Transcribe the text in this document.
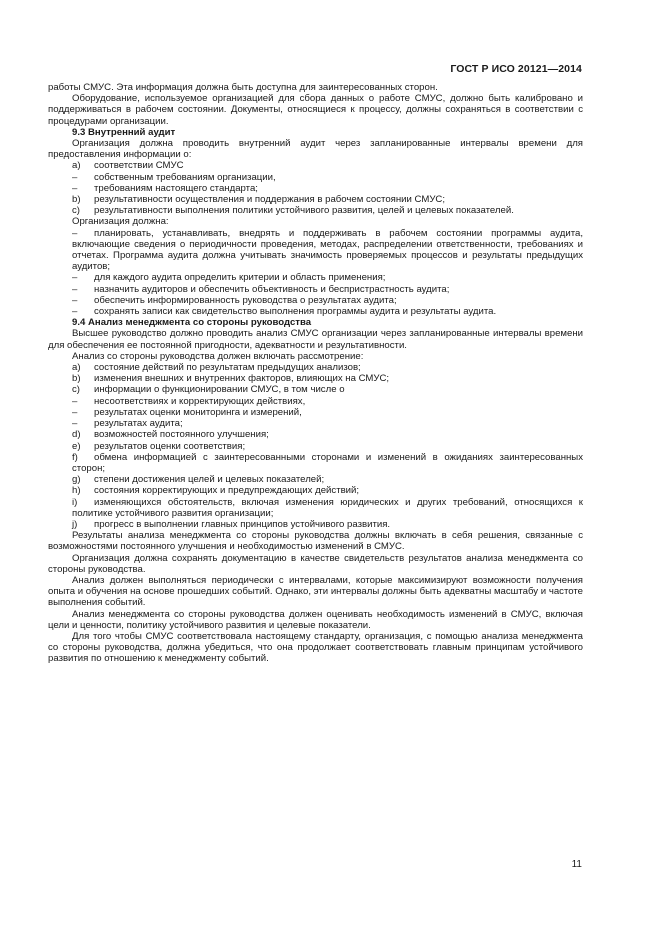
ГОСТ Р ИСО 20121—2014

работы СМУС. Эта информация должна быть доступна для заинтересованных сторон.

Оборудование, используемое организацией для сбора данных о работе СМУС, должно быть калибровано и поддерживаться в рабочем состоянии. Документы, относящиеся к процессу, должны сохраняться в соответствии с процедурами организации.

9.3 Внутренний аудит

Организация должна проводить внутренний аудит через запланированные интервалы времени для предоставления информации о:

a)	соответствии СМУС
–	собственным требованиям организации,
–	требованиям настоящего стандарта;
b)	результативности осуществления и поддержания в рабочем состоянии СМУС;
c) результативности выполнения политики устойчивого развития, целей и целевых показателей.

Организация должна:

– планировать, устанавливать, внедрять и поддерживать в рабочем состоянии программы аудита, включающие сведения о периодичности проведения, методах, распределении ответственности, требованиях и отчетах. Программа аудита должна учитывать значимость проверяемых процессов и результаты предыдущих аудитов;
–	для каждого аудита определить критерии и область применения;
–	назначить аудиторов и обеспечить объективность и беспристрастность аудита;
–	обеспечить информированность руководства о результатах аудита;
–	сохранять записи как свидетельство выполнения программы аудита и результаты аудита.
9.4 Анализ менеджмента со стороны руководства

Высшее руководство должно проводить анализ СМУС организации через запланированные интервалы времени для обеспечения ее постоянной пригодности, адекватности и результативности.

Анализ со стороны руководства должен включать рассмотрение:

a)	состояние действий по результатам предыдущих анализов;
b)	изменения внешних и внутренних факторов, влияющих на СМУС;
c)	информации о функционировании СМУС, в том числе о
–	несоответствиях и корректирующих действиях,
–	результатах оценки мониторинга и измерений,
–	результатах аудита;
d)	возможностей постоянного улучшения;
e)	результатов оценки соответствия;
f) обмена информацией с заинтересованными сторонами и изменений в ожиданиях заинтересованных сторон;
g)	степени достижения целей и целевых показателей;
h)	состояния корректирующих и предупреждающих действий;
i) изменяющихся обстоятельств, включая изменения юридических и других требований, относящихся к политике устойчивого развития организации;
j)	прогресс в выполнении главных принципов устойчивого развития.

Результаты анализа менеджмента со стороны руководства должны включать в себя решения, связанные с возможностями постоянного улучшения и необходимостью изменений в СМУС.

Организация должна сохранять документацию в качестве свидетельств результатов анализа менеджмента со стороны руководства.

Анализ должен выполняться периодически с интервалами, которые максимизируют возможности получения опыта и обучения на основе прошедших событий. Однако, эти интервалы должны быть адекватны масштабу и частоте выполнения событий.

Анализ менеджмента со стороны руководства должен оценивать необходимость изменений в СМУС, включая цели и ценности, политику устойчивого развития и целевые показатели.

Для того чтобы СМУС соответствовала настоящему стандарту, организация, с помощью анализа менеджмента со стороны руководства, должна убедиться, что она продолжает соответствовать главным принципам устойчивого развития по отношению к менеджменту событий.

11
